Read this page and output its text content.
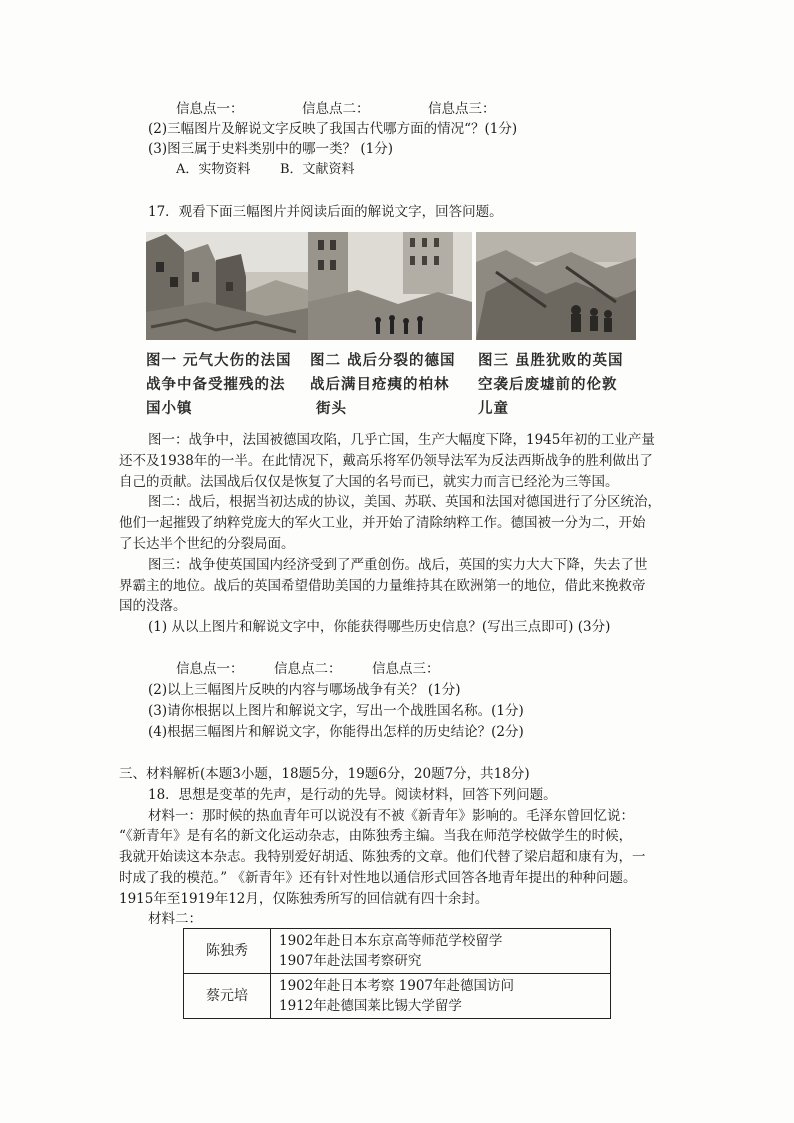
信息点一：	信息点二：	信息点三：
(2)三幅图片及解说文字反映了我国古代哪方面的情况“？(1分)
(3)图三属于史料类别中的哪一类？ (1分)
A．实物资料	B．文献资料
17．观看下面三幅图片并阅读后面的解说文字，回答问题。
图一 元气大伤的法国
战争中备受摧残的法
国小镇
图二 战后分裂的德国
战后满目疮痍的柏林
街头
图三 虽胜犹败的英国
空袭后废墟前的伦敦
儿童
图一：战争中，法国被德国攻陷，几乎亡国，生产大幅度下降，1945年初的工业产量
还不及1938年的一半。在此情况下，戴高乐将军仍领导法军为反法西斯战争的胜利做出了
自己的贡献。法国战后仅仅是恢复了大国的名号而已，就实力而言已经沦为三等国。
图二：战后，根据当初达成的协议，美国、苏联、英国和法国对德国进行了分区统治，
他们一起摧毁了纳粹党庞大的军火工业，并开始了清除纳粹工作。德国被一分为二，开始
了长达半个世纪的分裂局面。
图三：战争使英国国内经济受到了严重创伤。战后，英国的实力大大下降，失去了世
界霸主的地位。战后的英国希望借助美国的力量维持其在欧洲第一的地位，借此来挽救帝
国的没落。
(1) 从以上图片和解说文字中，你能获得哪些历史信息？(写出三点即可) (3分)
信息点一：	信息点二：	信息点三：
(2)以上三幅图片反映的内容与哪场战争有关？ (1分)
(3)请你根据以上图片和解说文字，写出一个战胜国名称。(1分)
(4)根据三幅图片和解说文字，你能得出怎样的历史结论？(2分)
三、材料解析(本题3小题，18题5分，19题6分，20题7分，共18分)
18．思想是变革的先声，是行动的先导。阅读材料，回答下列问题。
材料一：那时候的热血青年可以说没有不被《新青年》影响的。毛泽东曾回忆说：
“《新青年》是有名的新文化运动杂志，由陈独秀主编。当我在师范学校做学生的时候，
我就开始读这本杂志。我特别爱好胡适、陈独秀的文章。他们代替了梁启超和康有为，一
时成了我的模范。” 《新青年》还有针对性地以通信形式回答各地青年提出的种种问题。
1915年至1919年12月，仅陈独秀所写的回信就有四十余封。
材料二：
陈独秀	1902年赴日本东京高等师范学校留学
1907年赴法国考察研究

蔡元培	1902年赴日本考察 1907年赴德国访问
1912年赴德国莱比锡大学留学
